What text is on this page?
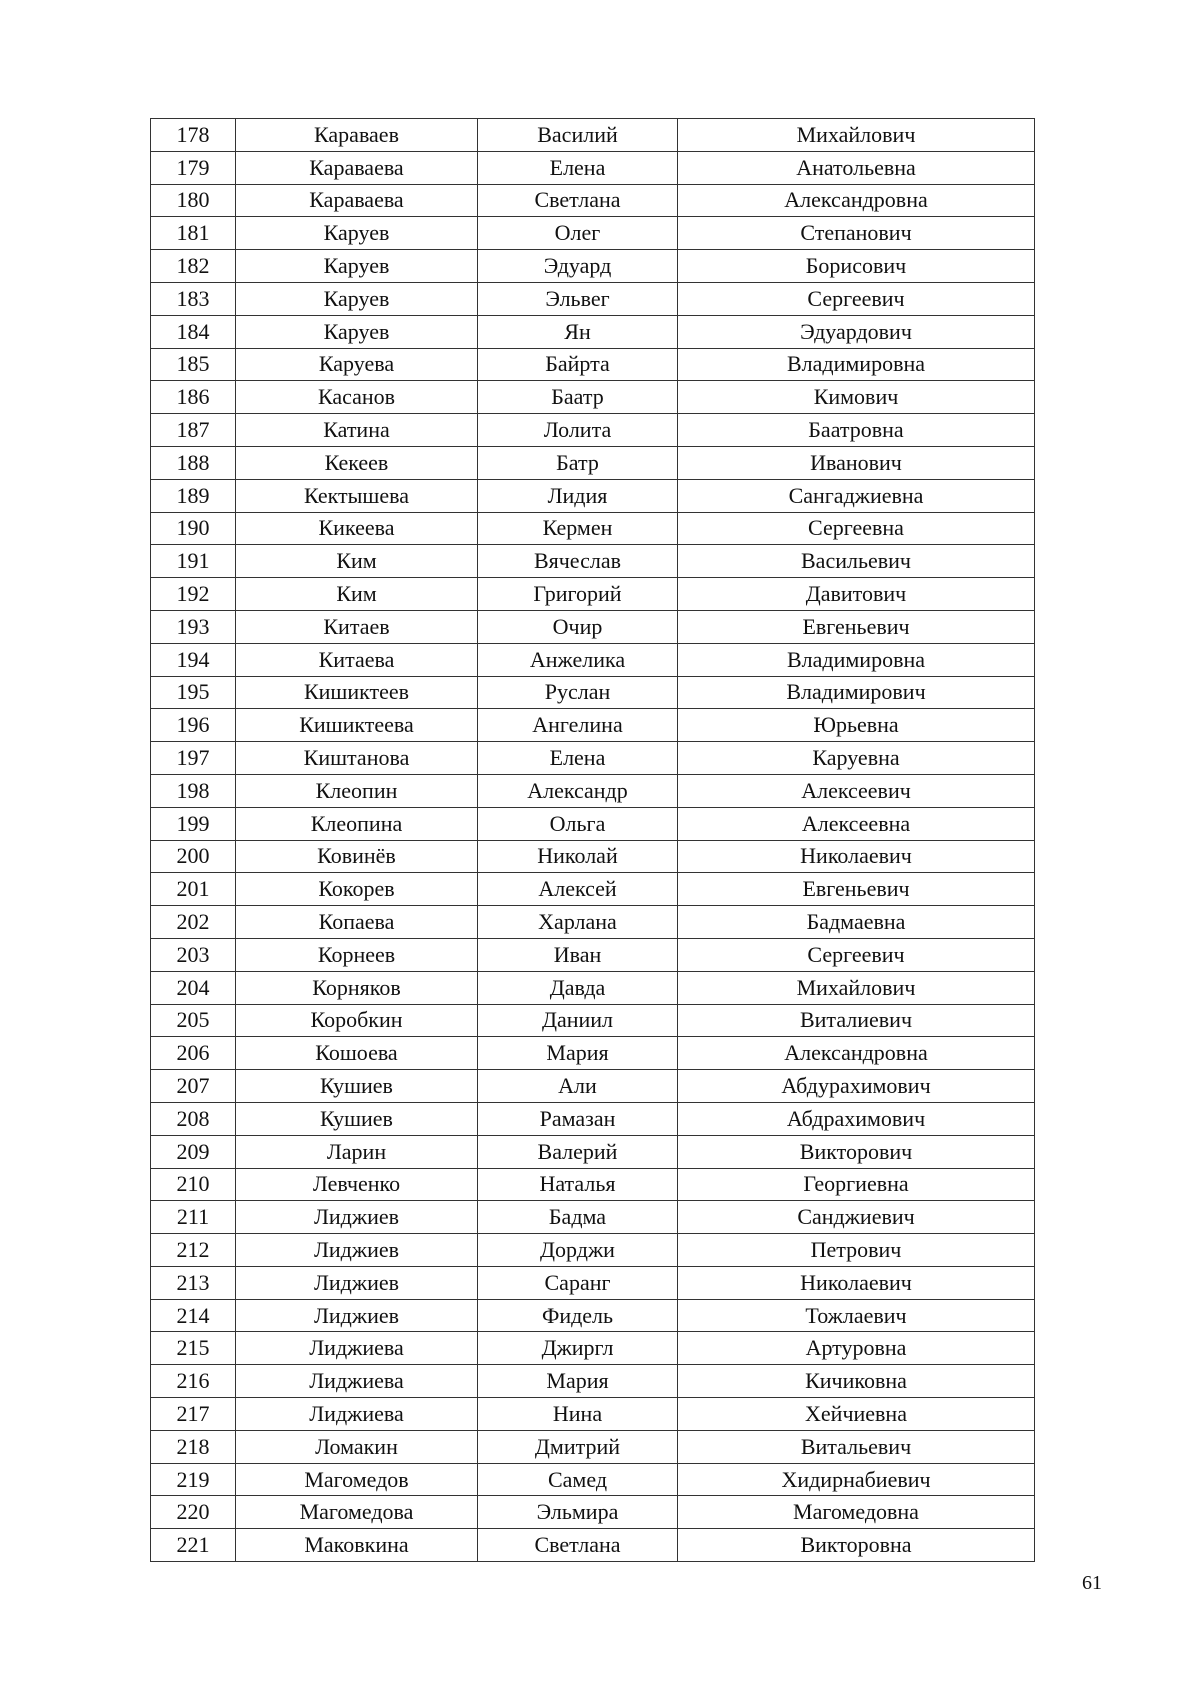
178	Караваев	Василий	Михайлович
179	Караваева	Елена	Анатольевна
180	Караваева	Светлана	Александровна
181	Каруев	Олег	Степанович
182	Каруев	Эдуард	Борисович
183	Каруев	Эльвег	Сергеевич
184	Каруев	Ян	Эдуардович
185	Каруева	Байрта	Владимировна
186	Касанов	Баатр	Кимович
187	Катина	Лолита	Баатровна
188	Кекеев	Батр	Иванович
189	Кектышева	Лидия	Сангаджиевна
190	Кикеева	Кермен	Сергеевна
191	Ким	Вячеслав	Васильевич
192	Ким	Григорий	Давитович
193	Китаев	Очир	Евгеньевич
194	Китаева	Анжелика	Владимировна
195	Кишиктеев	Руслан	Владимирович
196	Кишиктеева	Ангелина	Юрьевна
197	Киштанова	Елена	Каруевна
198	Клеопин	Александр	Алексеевич
199	Клеопина	Ольга	Алексеевна
200	Ковинёв	Николай	Николаевич
201	Кокорев	Алексей	Евгеньевич
202	Копаева	Харлана	Бадмаевна
203	Корнеев	Иван	Сергеевич
204	Корняков	Давда	Михайлович
205	Коробкин	Даниил	Виталиевич
206	Кошоева	Мария	Александровна
207	Кушиев	Али	Абдурахимович
208	Кушиев	Рамазан	Абдрахимович
209	Ларин	Валерий	Викторович
210	Левченко	Наталья	Георгиевна
211	Лиджиев	Бадма	Санджиевич
212	Лиджиев	Дорджи	Петрович
213	Лиджиев	Саранг	Николаевич
214	Лиджиев	Фидель	Тожлаевич
215	Лиджиева	Джиргл	Артуровна
216	Лиджиева	Мария	Кичиковна
217	Лиджиева	Нина	Хейчиевна
218	Ломакин	Дмитрий	Витальевич
219	Магомедов	Самед	Хидирнабиевич
220	Магомедова	Эльмира	Магомедовна
221	Маковкина	Светлана	Викторовна
61
